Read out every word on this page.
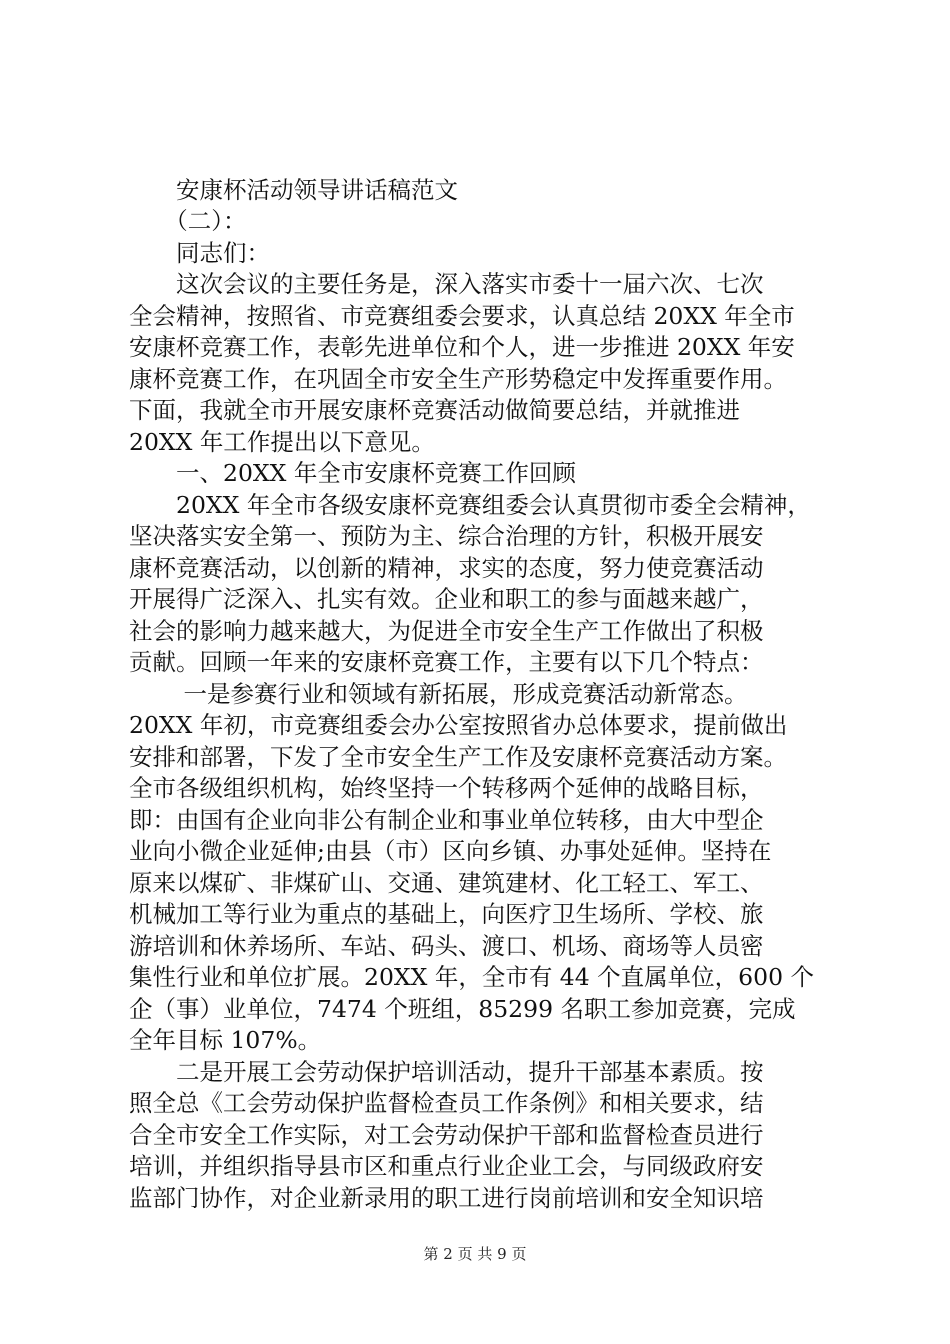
　　安康杯活动领导讲话稿范文
　　（二）：
　　同志们：
　　这次会议的主要任务是，深入落实市委十一届六次、七次
全会精神，按照省、市竞赛组委会要求，认真总结 20XX 年全市
安康杯竞赛工作，表彰先进单位和个人，进一步推进 20XX 年安
康杯竞赛工作，在巩固全市安全生产形势稳定中发挥重要作用。
下面，我就全市开展安康杯竞赛活动做简要总结，并就推进
20XX 年工作提出以下意见。
　　一、20XX 年全市安康杯竞赛工作回顾
　　20XX 年全市各级安康杯竞赛组委会认真贯彻市委全会精神，
坚决落实安全第一、预防为主、综合治理的方针，积极开展安
康杯竞赛活动，以创新的精神，求实的态度，努力使竞赛活动
开展得广泛深入、扎实有效。企业和职工的参与面越来越广，
社会的影响力越来越大，为促进全市安全生产工作做出了积极
贡献。回顾一年来的安康杯竞赛工作，主要有以下几个特点：
　　 一是参赛行业和领域有新拓展，形成竞赛活动新常态。
20XX 年初，市竞赛组委会办公室按照省办总体要求，提前做出
安排和部署，下发了全市安全生产工作及安康杯竞赛活动方案。
全市各级组织机构，始终坚持一个转移两个延伸的战略目标，
即：由国有企业向非公有制企业和事业单位转移，由大中型企
业向小微企业延伸;由县（市）区向乡镇、办事处延伸。坚持在
原来以煤矿、非煤矿山、交通、建筑建材、化工轻工、军工、
机械加工等行业为重点的基础上，向医疗卫生场所、学校、旅
游培训和休养场所、车站、码头、渡口、机场、商场等人员密
集性行业和单位扩展。20XX 年，全市有 44 个直属单位，600 个
企（事）业单位，7474 个班组，85299 名职工参加竞赛，完成
全年目标 107%。
　　二是开展工会劳动保护培训活动，提升干部基本素质。按
照全总《工会劳动保护监督检查员工作条例》和相关要求，结
合全市安全工作实际，对工会劳动保护干部和监督检查员进行
培训，并组织指导县市区和重点行业企业工会，与同级政府安
监部门协作，对企业新录用的职工进行岗前培训和安全知识培
第 2 页 共 9 页
